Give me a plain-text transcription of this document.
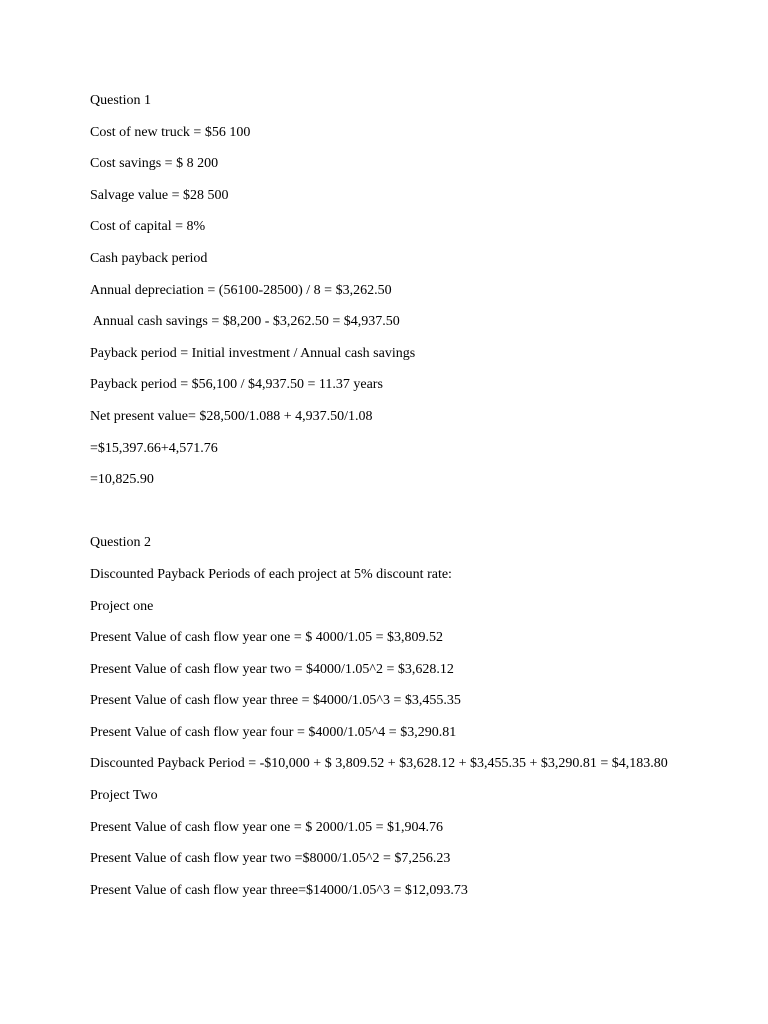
Question 1
Cost of new truck = $56 100
Cost savings = $ 8 200
Salvage value = $28 500
Cost of capital = 8%
Cash payback period
Annual depreciation = (56100-28500) / 8 = $3,262.50
Annual cash savings = $8,200 - $3,262.50 = $4,937.50
Payback period = Initial investment / Annual cash savings
Payback period = $56,100 / $4,937.50 = 11.37 years
Net present value= $28,500/1.088 + 4,937.50/1.08
=$15,397.66+4,571.76
=10,825.90
Question 2
Discounted Payback Periods of each project at 5% discount rate:
Project one
Present Value of cash flow year one = $ 4000/1.05 = $3,809.52
Present Value of cash flow year two = $4000/1.05^2 = $3,628.12
Present Value of cash flow year three = $4000/1.05^3 = $3,455.35
Present Value of cash flow year four = $4000/1.05^4 = $3,290.81
Discounted Payback Period = -$10,000 + $ 3,809.52 + $3,628.12 + $3,455.35 + $3,290.81 = $4,183.80
Project Two
Present Value of cash flow year one = $ 2000/1.05 = $1,904.76
Present Value of cash flow year two =$8000/1.05^2 = $7,256.23
Present Value of cash flow year three=$14000/1.05^3 = $12,093.73
